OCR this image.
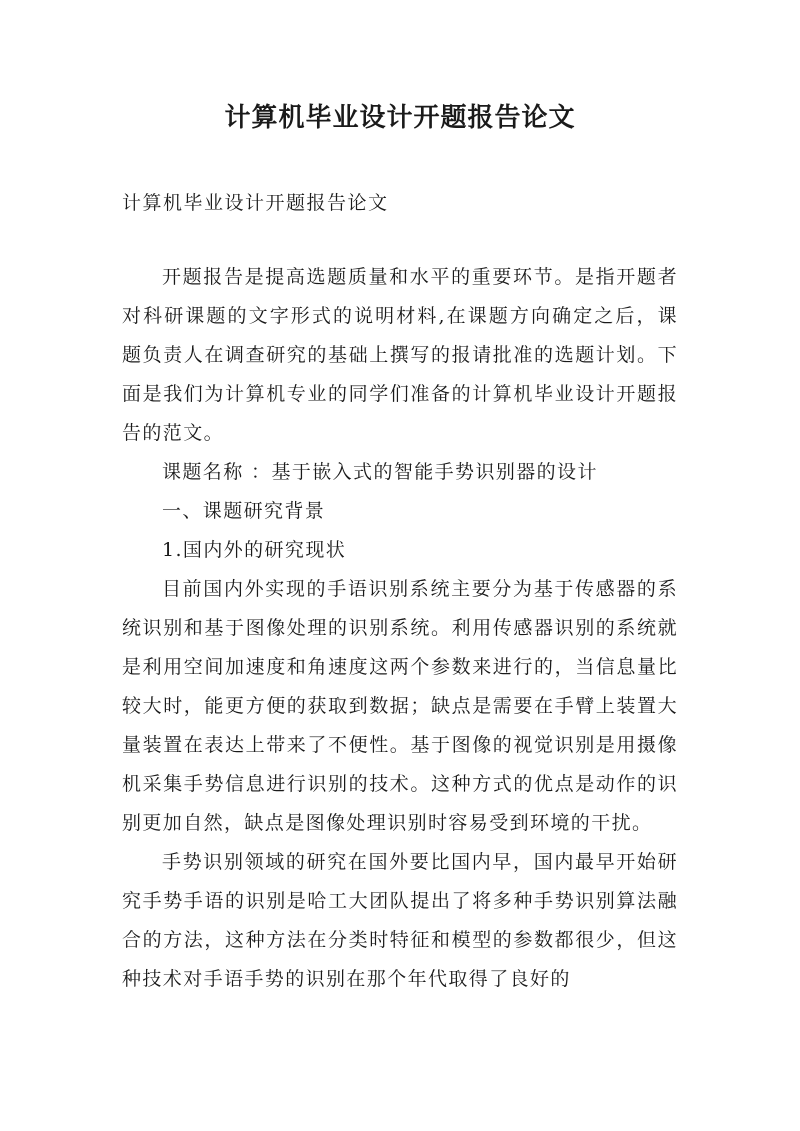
计算机毕业设计开题报告论文

计算机毕业设计开题报告论文

开题报告是提高选题质量和水平的重要环节。是指开题者对科研课题的文字形式的说明材料,在课题方向确定之后，课题负责人在调查研究的基础上撰写的报请批准的选题计划。下面是我们为计算机专业的同学们准备的计算机毕业设计开题报告的范文。

课题名称 ：基于嵌入式的智能手势识别器的设计

一、课题研究背景

1.国内外的研究现状

目前国内外实现的手语识别系统主要分为基于传感器的系统识别和基于图像处理的识别系统。利用传感器识别的系统就是利用空间加速度和角速度这两个参数来进行的，当信息量比较大时，能更方便的获取到数据；缺点是需要在手臂上装置大量装置在表达上带来了不便性。基于图像的视觉识别是用摄像机采集手势信息进行识别的技术。这种方式的优点是动作的识别更加自然，缺点是图像处理识别时容易受到环境的干扰。

手势识别领域的研究在国外要比国内早，国内最早开始研究手势手语的识别是哈工大团队提出了将多种手势识别算法融合的方法，这种方法在分类时特征和模型的参数都很少，但这种技术对手语手势的识别在那个年代取得了良好的
